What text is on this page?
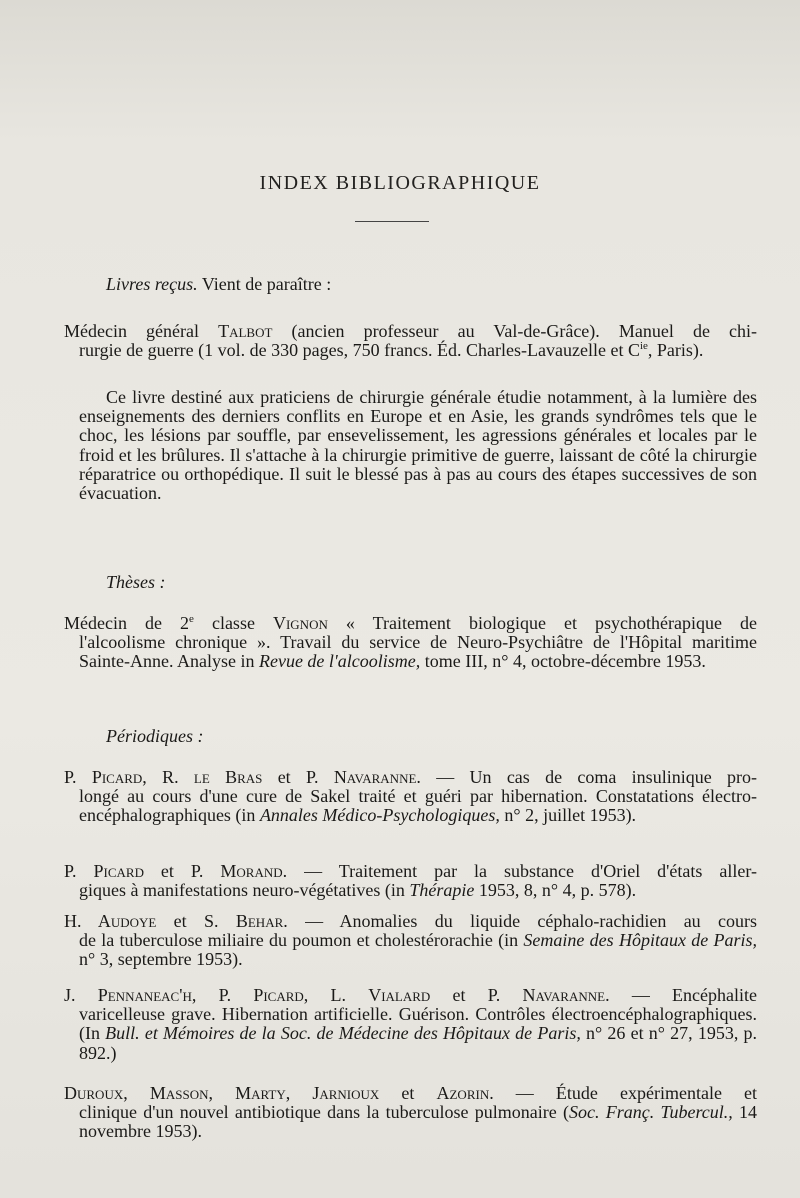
INDEX BIBLIOGRAPHIQUE
Livres reçus. Vient de paraître :
Médecin général Talbot (ancien professeur au Val-de-Grâce). Manuel de chi-
rurgie de guerre (1 vol. de 330 pages, 750 francs. Éd. Charles-Lavauzelle et $C^{ie}$, Paris).
Ce livre destiné aux praticiens de chirurgie générale étudie notamment, à la lumière des enseignements des derniers conflits en Europe et en Asie, les grands syndrômes tels que le choc, les lésions par souffle, par ensevelissement, les agressions générales et locales par le froid et les brûlures. Il s'attache à la chirurgie primitive de guerre, laissant de côté la chirurgie réparatrice ou orthopédique. Il suit le blessé pas à pas au cours des étapes successives de son évacuation.
Thèses :
Médecin de 2e classe Vignon « Traitement biologique et psychothérapique de
l'alcoolisme chronique ». Travail du service de Neuro-Psychiâtre de l'Hôpital maritime Sainte-Anne. Analyse in Revue de l'alcoolisme, tome III, n° 4, octobre-décembre 1953.
Périodiques :
P. Picard, R. le Bras et P. Navaranne. — Un cas de coma insulinique pro-
longé au cours d'une cure de Sakel traité et guéri par hibernation. Constatations électro-encéphalographiques (in Annales Médico-Psychologiques, n° 2, juillet 1953).
P. Picard et P. Morand. — Traitement par la substance d'Oriel d'états aller-
giques à manifestations neuro-végétatives (in Thérapie 1953, 8, n° 4, p. 578).
H. Audoye et S. Behar. — Anomalies du liquide céphalo-rachidien au cours
de la tuberculose miliaire du poumon et cholestérorachie (in Semaine des Hôpitaux de Paris, n° 3, septembre 1953).
J. Pennaneac'h, P. Picard, L. Vialard et P. Navaranne. — Encéphalite
varicelleuse grave. Hibernation artificielle. Guérison. Contrôles électroencéphalographiques. (In Bull. et Mémoires de la Soc. de Médecine des Hôpitaux de Paris, n° 26 et n° 27, 1953, p. 892.)
Duroux, Masson, Marty, Jarnioux et Azorin. — Étude expérimentale et
clinique d'un nouvel antibiotique dans la tuberculose pulmonaire (Soc. Franç. Tubercul., 14 novembre 1953).
